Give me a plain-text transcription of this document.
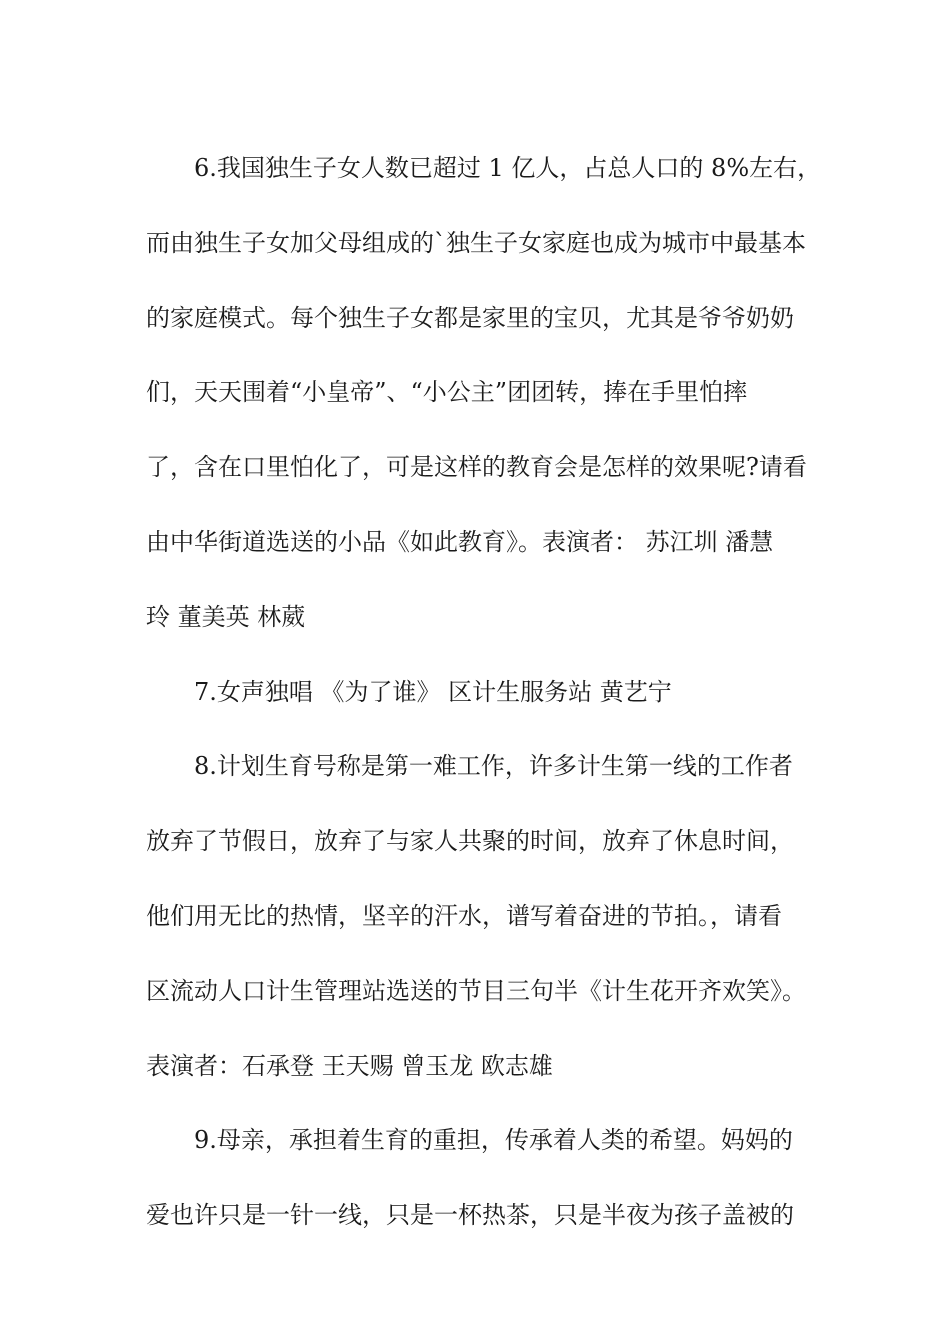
6.我国独生子女人数已超过 1 亿人，占总人口的 8%左右，
而由独生子女加父母组成的`独生子女家庭也成为城市中最基本
的家庭模式。每个独生子女都是家里的宝贝，尤其是爷爷奶奶
们，天天围着“小皇帝”、“小公主”团团转，捧在手里怕摔
了，含在口里怕化了，可是这样的教育会是怎样的效果呢?请看
由中华街道选送的小品《如此教育》。表演者： 苏江圳 潘慧
玲 董美英 林葳
7.女声独唱 《为了谁》 区计生服务站 黄艺宁
8.计划生育号称是第一难工作，许多计生第一线的工作者
放弃了节假日，放弃了与家人共聚的时间，放弃了休息时间，
他们用无比的热情，坚辛的汗水，谱写着奋进的节拍。，请看
区流动人口计生管理站选送的节目三句半《计生花开齐欢笑》。
表演者：石承登 王天赐 曾玉龙 欧志雄
9.母亲，承担着生育的重担，传承着人类的希望。妈妈的
爱也许只是一针一线，只是一杯热茶，只是半夜为孩子盖被的
